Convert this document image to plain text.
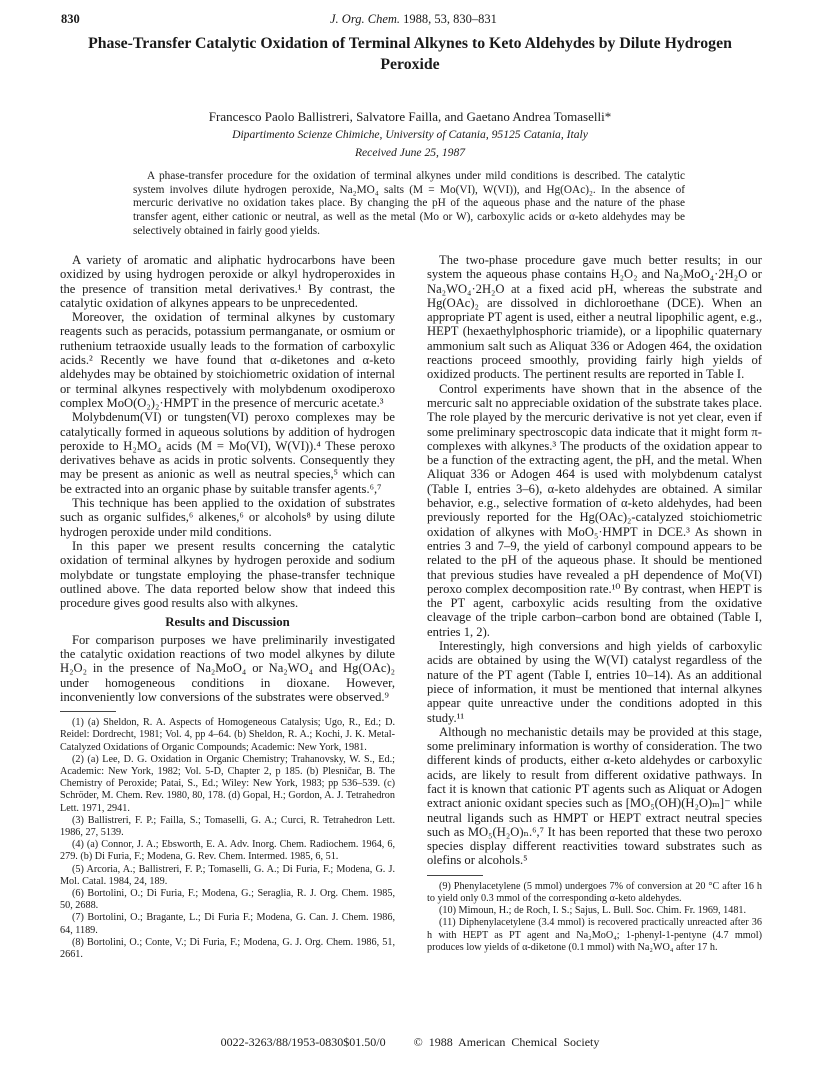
830	J. Org. Chem. 1988, 53, 830–831
Phase-Transfer Catalytic Oxidation of Terminal Alkynes to Keto Aldehydes by Dilute Hydrogen Peroxide
Francesco Paolo Ballistreri, Salvatore Failla, and Gaetano Andrea Tomaselli*
Dipartimento Scienze Chimiche, University of Catania, 95125 Catania, Italy
Received June 25, 1987
A phase-transfer procedure for the oxidation of terminal alkynes under mild conditions is described. The catalytic system involves dilute hydrogen peroxide, Na₂MO₄ salts (M = Mo(VI), W(VI)), and Hg(OAc)₂. In the absence of mercuric derivative no oxidation takes place. By changing the pH of the aqueous phase and the nature of the phase transfer agent, either cationic or neutral, as well as the metal (Mo or W), carboxylic acids or α-keto aldehydes may be selectively obtained in fairly good yields.

A variety of aromatic and aliphatic hydrocarbons have been oxidized by using hydrogen peroxide or alkyl hydroperoxides in the presence of transition metal derivatives.¹ By contrast, the catalytic oxidation of alkynes appears to be unprecedented.

Moreover, the oxidation of terminal alkynes by customary reagents such as peracids, potassium permanganate, or osmium or ruthenium tetraoxide usually leads to the formation of carboxylic acids.² Recently we have found that α-diketones and α-keto aldehydes may be obtained by stoichiometric oxidation of internal or terminal alkynes respectively with molybdenum oxodiperoxo complex MoO(O₂)₂·HMPT in the presence of mercuric acetate.³

Molybdenum(VI) or tungsten(VI) peroxo complexes may be catalytically formed in aqueous solutions by addition of hydrogen peroxide to H₂MO₄ acids (M = Mo(VI), W(VI)).⁴ These peroxo derivatives behave as acids in protic solvents. Consequently they may be present as anionic as well as neutral species,⁵ which can be extracted into an organic phase by suitable transfer agents.⁶,⁷

This technique has been applied to the oxidation of substrates such as organic sulfides,⁶ alkenes,⁶ or alcohols⁸ by using dilute hydrogen peroxide under mild conditions.

In this paper we present results concerning the catalytic oxidation of terminal alkynes by hydrogen peroxide and sodium molybdate or tungstate employing the phase-transfer technique outlined above. The data reported below show that indeed this procedure gives good results also with alkynes.

Results and Discussion

For comparison purposes we have preliminarily investigated the catalytic oxidation reactions of two model alkynes by dilute H₂O₂ in the presence of Na₂MoO₄ or Na₂WO₄ and Hg(OAc)₂ under homogeneous conditions in dioxane. However, inconveniently low conversions of the substrates were observed.⁹

(1) (a) Sheldon, R. A. Aspects of Homogeneous Catalysis; Ugo, R., Ed.; D. Reidel: Dordrecht, 1981; Vol. 4, pp 4–64. (b) Sheldon, R. A.; Kochi, J. K. Metal-Catalyzed Oxidations of Organic Compounds; Academic: New York, 1981.

(2) (a) Lee, D. G. Oxidation in Organic Chemistry; Trahanovsky, W. S., Ed.; Academic: New York, 1982; Vol. 5-D, Chapter 2, p 185. (b) Plesničar, B. The Chemistry of Peroxide; Patai, S., Ed.; Wiley: New York, 1983; pp 536–539. (c) Schröder, M. Chem. Rev. 1980, 80, 178. (d) Gopal, H.; Gordon, A. J. Tetrahedron Lett. 1971, 2941.

(3) Ballistreri, F. P.; Failla, S.; Tomaselli, G. A.; Curci, R. Tetrahedron Lett. 1986, 27, 5139.

(4) (a) Connor, J. A.; Ebsworth, E. A. Adv. Inorg. Chem. Radiochem. 1964, 6, 279. (b) Di Furia, F.; Modena, G. Rev. Chem. Intermed. 1985, 6, 51.

(5) Arcoria, A.; Ballistreri, F. P.; Tomaselli, G. A.; Di Furia, F.; Modena, G. J. Mol. Catal. 1984, 24, 189.

(6) Bortolini, O.; Di Furia, F.; Modena, G.; Seraglia, R. J. Org. Chem. 1985, 50, 2688.

(7) Bortolini, O.; Bragante, L.; Di Furia F.; Modena, G. Can. J. Chem. 1986, 64, 1189.

(8) Bortolini, O.; Conte, V.; Di Furia, F.; Modena, G. J. Org. Chem. 1986, 51, 2661.

The two-phase procedure gave much better results; in our system the aqueous phase contains H₂O₂ and Na₂MoO₄·2H₂O or Na₂WO₄·2H₂O at a fixed acid pH, whereas the substrate and Hg(OAc)₂ are dissolved in dichloroethane (DCE). When an appropriate PT agent is used, either a neutral lipophilic agent, e.g., HEPT (hexaethylphosphoric triamide), or a lipophilic quaternary ammonium salt such as Aliquat 336 or Adogen 464, the oxidation reactions proceed smoothly, providing fairly high yields of oxidized products. The pertinent results are reported in Table I.

Control experiments have shown that in the absence of the mercuric salt no appreciable oxidation of the substrate takes place. The role played by the mercuric derivative is not yet clear, even if some preliminary spectroscopic data indicate that it might form π-complexes with alkynes.³ The products of the oxidation appear to be a function of the extracting agent, the pH, and the metal. When Aliquat 336 or Adogen 464 is used with molybdenum catalyst (Table I, entries 3–6), α-keto aldehydes are obtained. A similar behavior, e.g., selective formation of α-keto aldehydes, had been previously reported for the Hg(OAc)₂-catalyzed stoichiometric oxidation of alkynes with MoO₅·HMPT in DCE.³ As shown in entries 3 and 7–9, the yield of carbonyl compound appears to be related to the pH of the aqueous phase. It should be mentioned that previous studies have revealed a pH dependence of Mo(VI) peroxo complex decomposition rate.¹⁰ By contrast, when HEPT is the PT agent, carboxylic acids resulting from the oxidative cleavage of the triple carbon–carbon bond are obtained (Table I, entries 1, 2).

Interestingly, high conversions and high yields of carboxylic acids are obtained by using the W(VI) catalyst regardless of the nature of the PT agent (Table I, entries 10–14). As an additional piece of information, it must be mentioned that internal alkynes appear quite unreactive under the conditions adopted in this study.¹¹

Although no mechanistic details may be provided at this stage, some preliminary information is worthy of consideration. The two different kinds of products, either α-keto aldehydes or carboxylic acids, are likely to result from different oxidative pathways. In fact it is known that cationic PT agents such as Aliquat or Adogen extract anionic oxidant species such as [MO₅(OH)(H₂O)ₘ]⁻ while neutral ligands such as HMPT or HEPT extract neutral species such as MO₅(H₂O)ₙ.⁶,⁷ It has been reported that these two peroxo species display different reactivities toward substrates such as olefins or alcohols.⁵

(9) Phenylacetylene (5 mmol) undergoes 7% of conversion at 20 °C after 16 h to yield only 0.3 mmol of the corresponding α-keto aldehydes.

(10) Mimoun, H.; de Roch, I. S.; Sajus, L. Bull. Soc. Chim. Fr. 1969, 1481.

(11) Diphenylacetylene (3.4 mmol) is recovered practically unreacted after 36 h with HEPT as PT agent and Na₂MoO₄; 1-phenyl-1-pentyne (4.7 mmol) produces low yields of α-diketone (0.1 mmol) with Na₂WO₄ after 17 h.

0022-3263/88/1953-0830$01.50/0 © 1988 American Chemical Society
